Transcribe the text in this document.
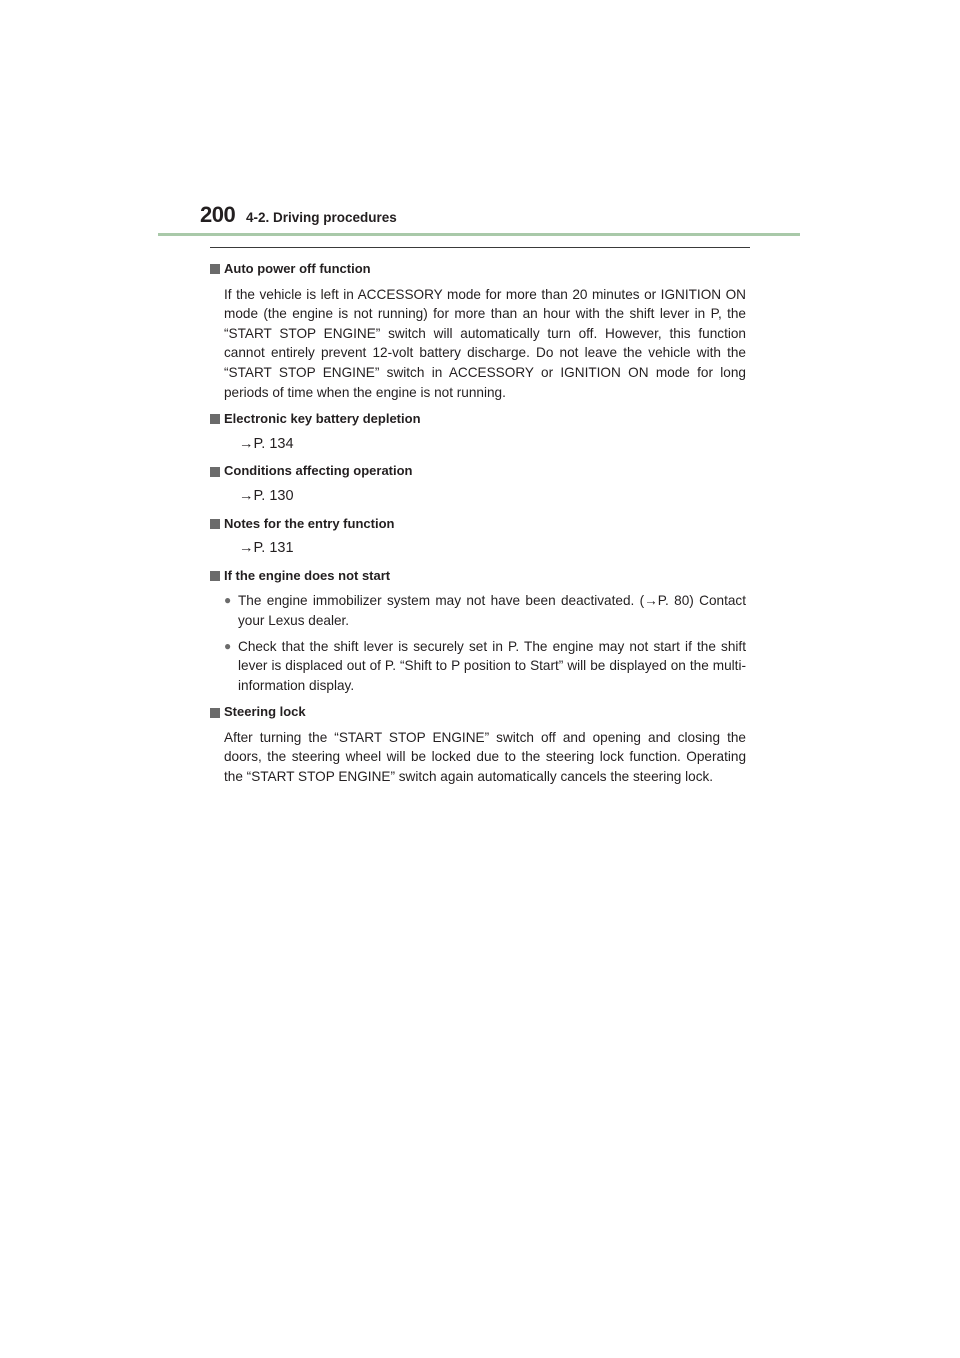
200 4-2. Driving procedures
Auto power off function
If the vehicle is left in ACCESSORY mode for more than 20 minutes or IGNITION ON mode (the engine is not running) for more than an hour with the shift lever in P, the “START STOP ENGINE” switch will automatically turn off. However, this function cannot entirely prevent 12-volt battery discharge. Do not leave the vehicle with the “START STOP ENGINE” switch in ACCESSORY or IGNITION ON mode for long periods of time when the engine is not running.
Electronic key battery depletion
→P. 134
Conditions affecting operation
→P. 130
Notes for the entry function
→P. 131
If the engine does not start
● The engine immobilizer system may not have been deactivated. (→P. 80) Contact your Lexus dealer.
● Check that the shift lever is securely set in P. The engine may not start if the shift lever is displaced out of P. “Shift to P position to Start” will be displayed on the multi-information display.
Steering lock
After turning the “START STOP ENGINE” switch off and opening and closing the doors, the steering wheel will be locked due to the steering lock function. Operating the “START STOP ENGINE” switch again automatically cancels the steering lock.
